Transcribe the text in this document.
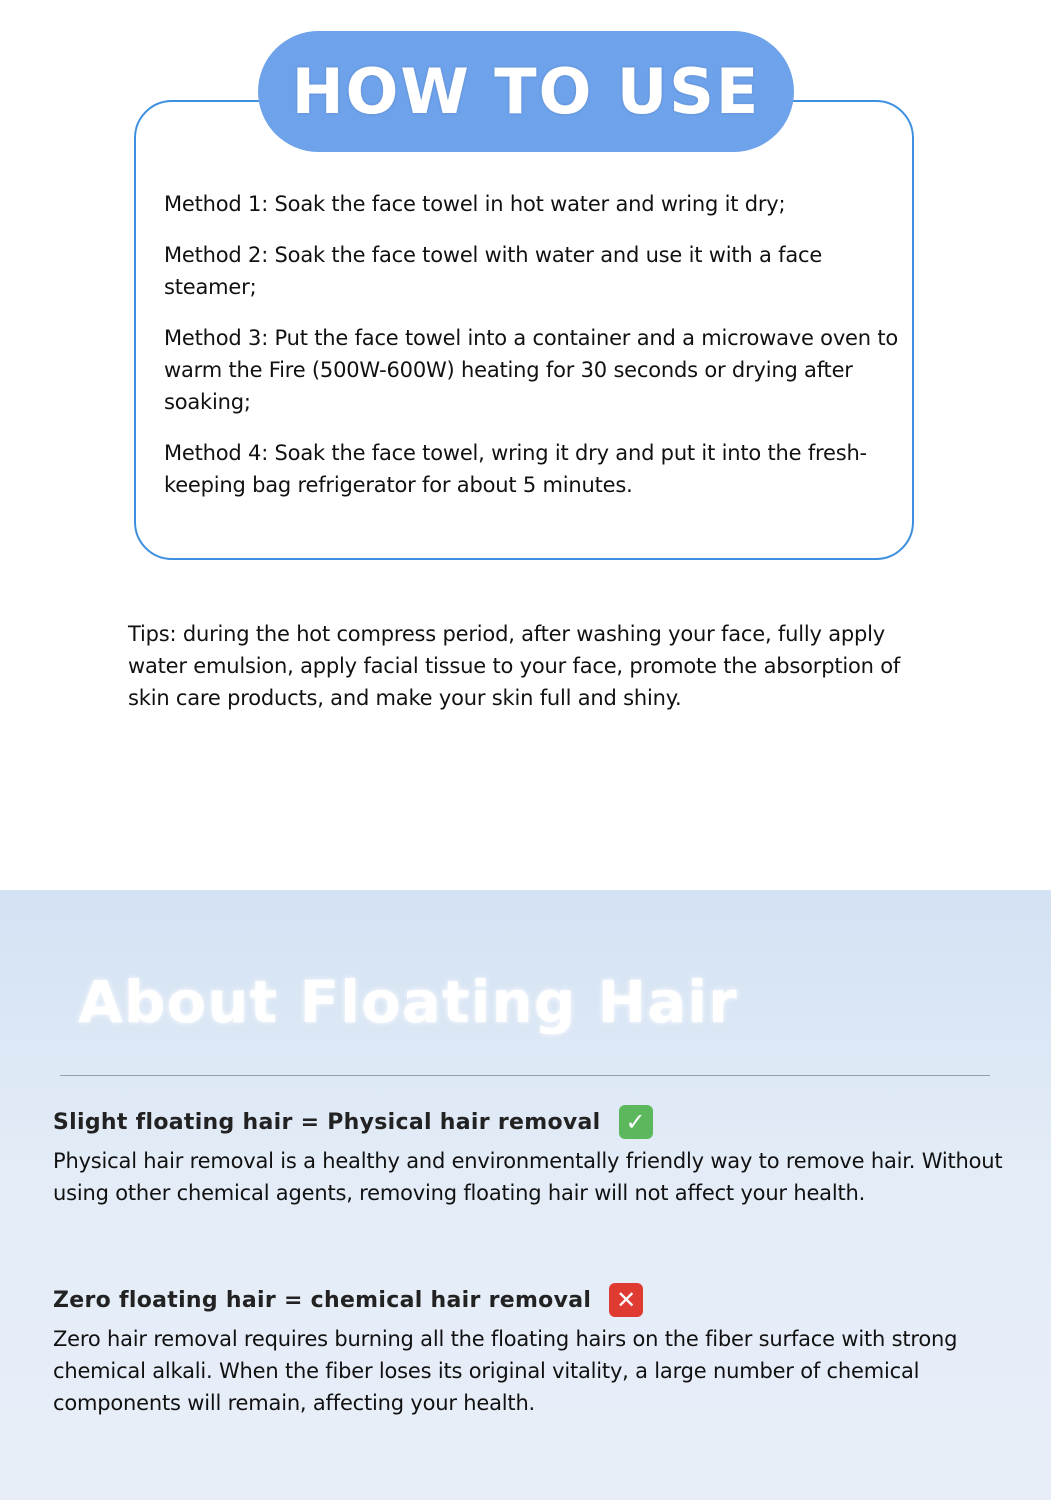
HOW TO USE

Method 1: Soak the face towel in hot water and wring it dry;

Method 2: Soak the face towel with water and use it with a face steamer;

Method 3: Put the face towel into a container and a microwave oven to warm the Fire (500W-600W) heating for 30 seconds or drying after soaking;

Method 4: Soak the face towel, wring it dry and put it into the fresh-keeping bag refrigerator for about 5 minutes.

Tips: during the hot compress period, after washing your face, fully apply water emulsion, apply facial tissue to your face, promote the absorption of skin care products, and make your skin full and shiny.
About Floating Hair
Slight floating hair = Physical hair removal ✓
Physical hair removal is a healthy and environmentally friendly way to remove hair. Without using other chemical agents, removing floating hair will not affect your health.
Zero floating hair = chemical hair removal ✕
Zero hair removal requires burning all the floating hairs on the fiber surface with strong chemical alkali. When the fiber loses its original vitality, a large number of chemical components will remain, affecting your health.
